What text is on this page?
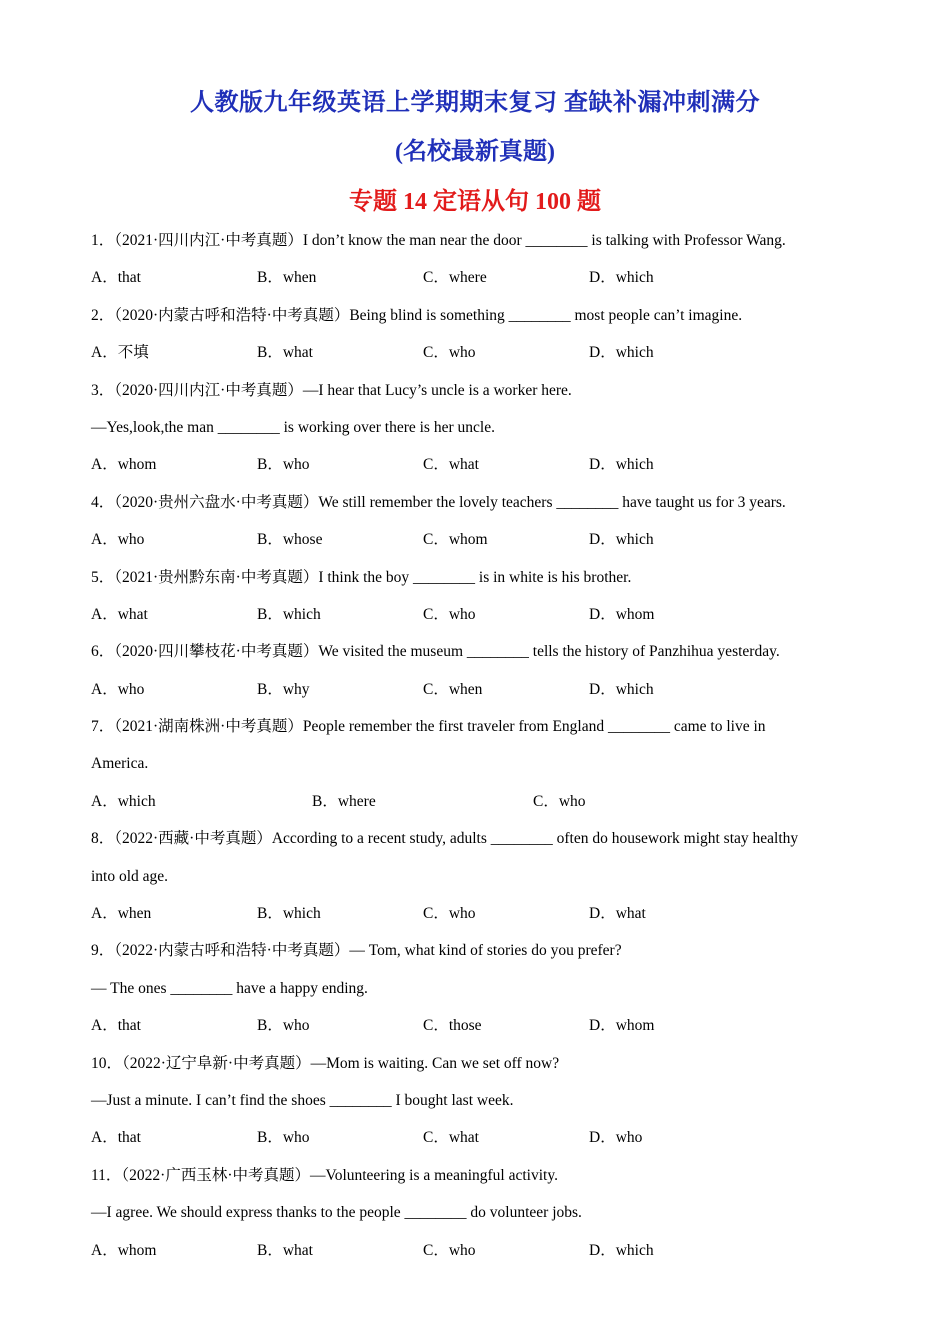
人教版九年级英语上学期期末复习 查缺补漏冲刺满分
(名校最新真题)
专题 14 定语从句 100 题
1．（2021·四川内江·中考真题）I don’t know the man near the door ________ is talking with Professor Wang.
A．that	B．when	C．where	D．which
2．（2020·内蒙古呼和浩特·中考真题）Being blind is something ________ most people can’t imagine.
A．不填	B．what	C．who	D．which
3．（2020·四川内江·中考真题）—I hear that Lucy’s uncle is a worker here.
—Yes,look,the man ________ is working over there is her uncle.
A．whom	B．who	C．what	D．which
4．（2020·贵州六盘水·中考真题）We still remember the lovely teachers ________ have taught us for 3 years.
A．who	B．whose	C．whom	D．which
5．（2021·贵州黔东南·中考真题）I think the boy ________ is in white is his brother.
A．what	B．which	C．who	D．whom
6．（2020·四川攀枝花·中考真题）We visited the museum ________ tells the history of Panzhihua yesterday.
A．who	B．why	C．when	D．which
7．（2021·湖南株洲·中考真题）People remember the first traveler from England ________ came to live in
America.
A．which	B．where	C．who
8．（2022·西藏·中考真题）According to a recent study, adults ________ often do housework might stay healthy
into old age.
A．when	B．which	C．who	D．what
9．（2022·内蒙古呼和浩特·中考真题）— Tom, what kind of stories do you prefer?
— The ones ________ have a happy ending.
A．that	B．who	C．those	D．whom
10．（2022·辽宁阜新·中考真题）—Mom is waiting. Can we set off now?
—Just a minute. I can’t find the shoes ________ I bought last week.
A．that	B．who	C．what	D．who
11．（2022·广西玉林·中考真题）—Volunteering is a meaningful activity.
—I agree. We should express thanks to the people ________ do volunteer jobs.
A．whom	B．what	C．who	D．which
